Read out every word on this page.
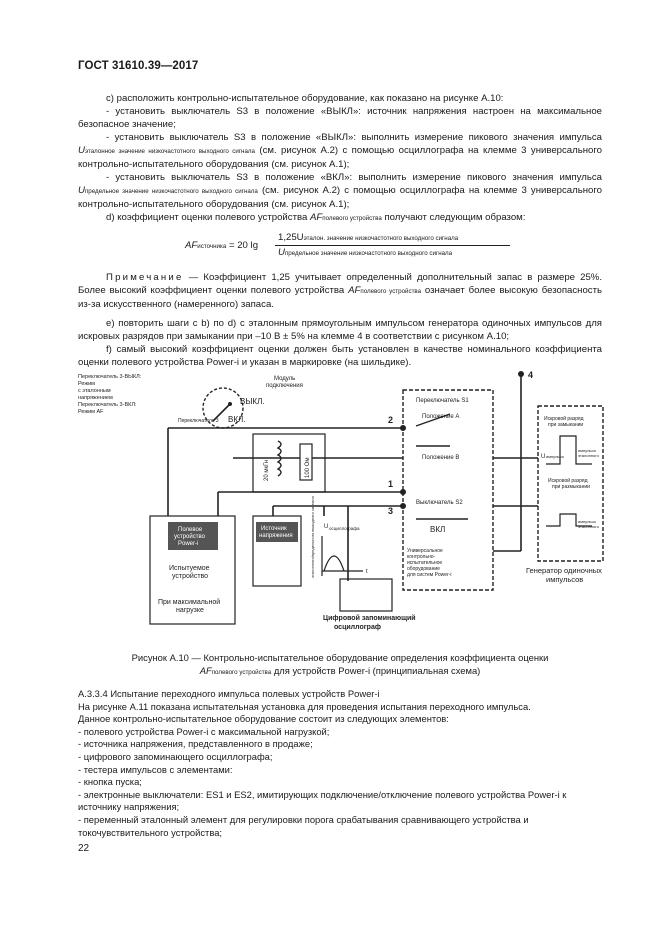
ГОСТ 31610.39—2017

c) расположить контрольно-испытательное оборудование, как показано на рисунке А.10:

- установить выключатель S3 в положение «ВЫКЛ»: источник напряжения настроен на максимальное безопасное значение;

- установить выключатель S3 в положение «ВЫКЛ»: выполнить измерение пикового значения импульса Uэталонное значение низкочастотного выходного сигнала (см. рисунок А.2) с помощью осциллографа на клемме 3 универсального контрольно-испытательного оборудования (см. рисунок А.1);

- установить выключатель S3 в положение «ВКЛ»: выполнить измерение пикового значения импульса Uпредельное значение низкочастотного выходного сигнала (см. рисунок А.2) с помощью осциллографа на клемме 3 универсального контрольно-испытательного оборудования (см. рисунок А.1);

d) коэффициент оценки полевого устройства AFполевого устройства получают следующим образом:

AFисточника = 20 lg
1,25Uэталон. значение низкочастотного выходного сигнала
Uпредельное значение низкочастотного выходного сигнала

Примечание — Коэффициент 1,25 учитывает определенный дополнительный запас в размере 25%. Более высокий коэффициент оценки полевого устройства AFполевого устройства означает более высокую безопасность из-за искусственного (намеренного) запаса.

e) повторить шаги с b) по d) с эталонным прямоугольным импульсом генератора одиночных импульсов для искровых разрядов при замыкании при –10 В ± 5% на клемме 4 в соответствии с рисунком А.10;

f) самый высокий коэффициент оценки должен быть установлен в качестве номинального коэффициента оценки полевого устройства Power-i и указан в маркировке (на шильдике).

Переключатель 3-ВЫКЛ:
Режим
с эталонным
напряжением
Переключатель 3-ВКЛ:
Режим AF
Переключатель 3
ВЫКЛ.
ВКЛ.
Модуль
подключения
20 мкГн	100 Ом
2
1
3
4
Полевое
устройство
Power-i
Источник
напряжения
Испытуемое
устройство
При максимальной
нагрузке
Цифровой запоминающий
осциллограф
U осциллографа
эталонного/предельного выходного сигнала	t
Переключатель S1
Положение А
Положение В
Выключатель S2
ВКЛ
Универсальное
контрольно-
испытательное
оборудование
для систем Power-i	Генератор одиночных
импульсов
Искровой разряд
при замыкании
U импульса
импульса
эталонного
Искровой разряд
при размыкании
импульса
эталонного
Рисунок А.10 — Контрольно-испытательное оборудование определения коэффициента оценки
AFполевого устройства для устройств Power-i (принципиальная схема)

А.3.3.4 Испытание переходного импульса полевых устройств Power-i

На рисунке А.11 показана испытательная установка для проведения испытания переходного импульса.

Данное контрольно-испытательное оборудование состоит из следующих элементов:

- полевого устройства Power-i с максимальной нагрузкой;

- источника напряжения, представленного в продаже;

- цифрового запоминающего осциллографа;

- тестера импульсов с элементами:

- кнопка пуска;

- электронные выключатели: ES1 и ES2, имитирующих подключение/отключение полевого устройства Power-i к источнику напряжения;

- переменный эталонный элемент для регулировки порога срабатывания сравнивающего устройства и токочувствительного устройства;

22
